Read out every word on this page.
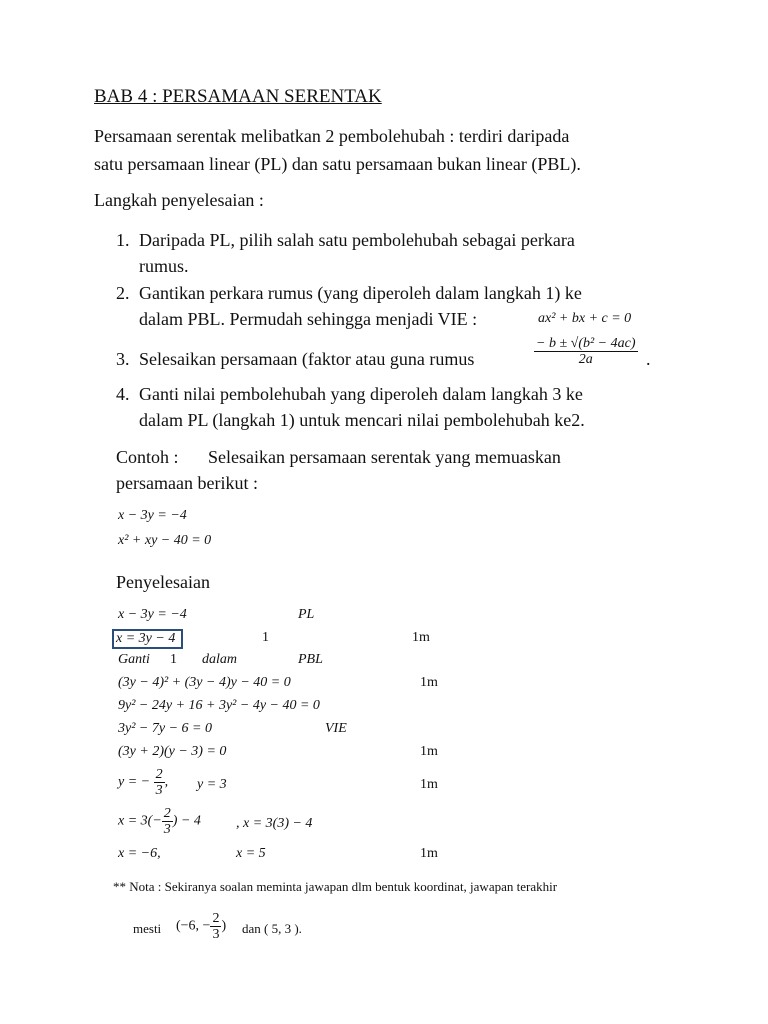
BAB 4 : PERSAMAAN SERENTAK
Persamaan serentak melibatkan 2 pembolehubah : terdiri daripada
satu persamaan linear (PL) dan satu persamaan bukan linear (PBL).
Langkah penyelesaian :
1. Daripada PL, pilih salah satu pembolehubah sebagai perkara
rumus.
2. Gantikan perkara rumus (yang diperoleh dalam langkah 1) ke
dalam PBL. Permudah sehingga menjadi VIE :	ax² + bx + c = 0
3. Selesaikan persamaan (faktor atau guna rumus	$\frac{\text{− b ± √(b² − 4ac)}}{2a}$ .
4. Ganti nilai pembolehubah yang diperoleh dalam langkah 3 ke
dalam PL (langkah 1) untuk mencari nilai pembolehubah ke2.
Contoh : Selesaikan persamaan serentak yang memuaskan
persamaan berikut :
x − 3y = −4
x² + xy − 40 = 0
Penyelesaian
x − 3y = −4	PL
x = 3y − 4	1	1m
Ganti 1 dalam	PBL
(3y − 4)² + (3y − 4)y − 40 = 0	1m
9y² − 24y + 16 + 3y² − 4y − 40 = 0
3y² − 7y − 6 = 0	VIE
(3y + 2)(y − 3) = 0	1m
y = − $\frac{2}{3}$ , y = 3	1m
$x = 3(- \frac{2}{3}$ ) − 4	, x = 3(3) − 4
x = −6,	x = 5	1m
** Nota : Sekiranya soalan meminta jawapan dlm bentuk koordinat, jawapan terakhir
mesti (−6, − $\frac{2}{3}$ ) dan ( 5, 3 ).
